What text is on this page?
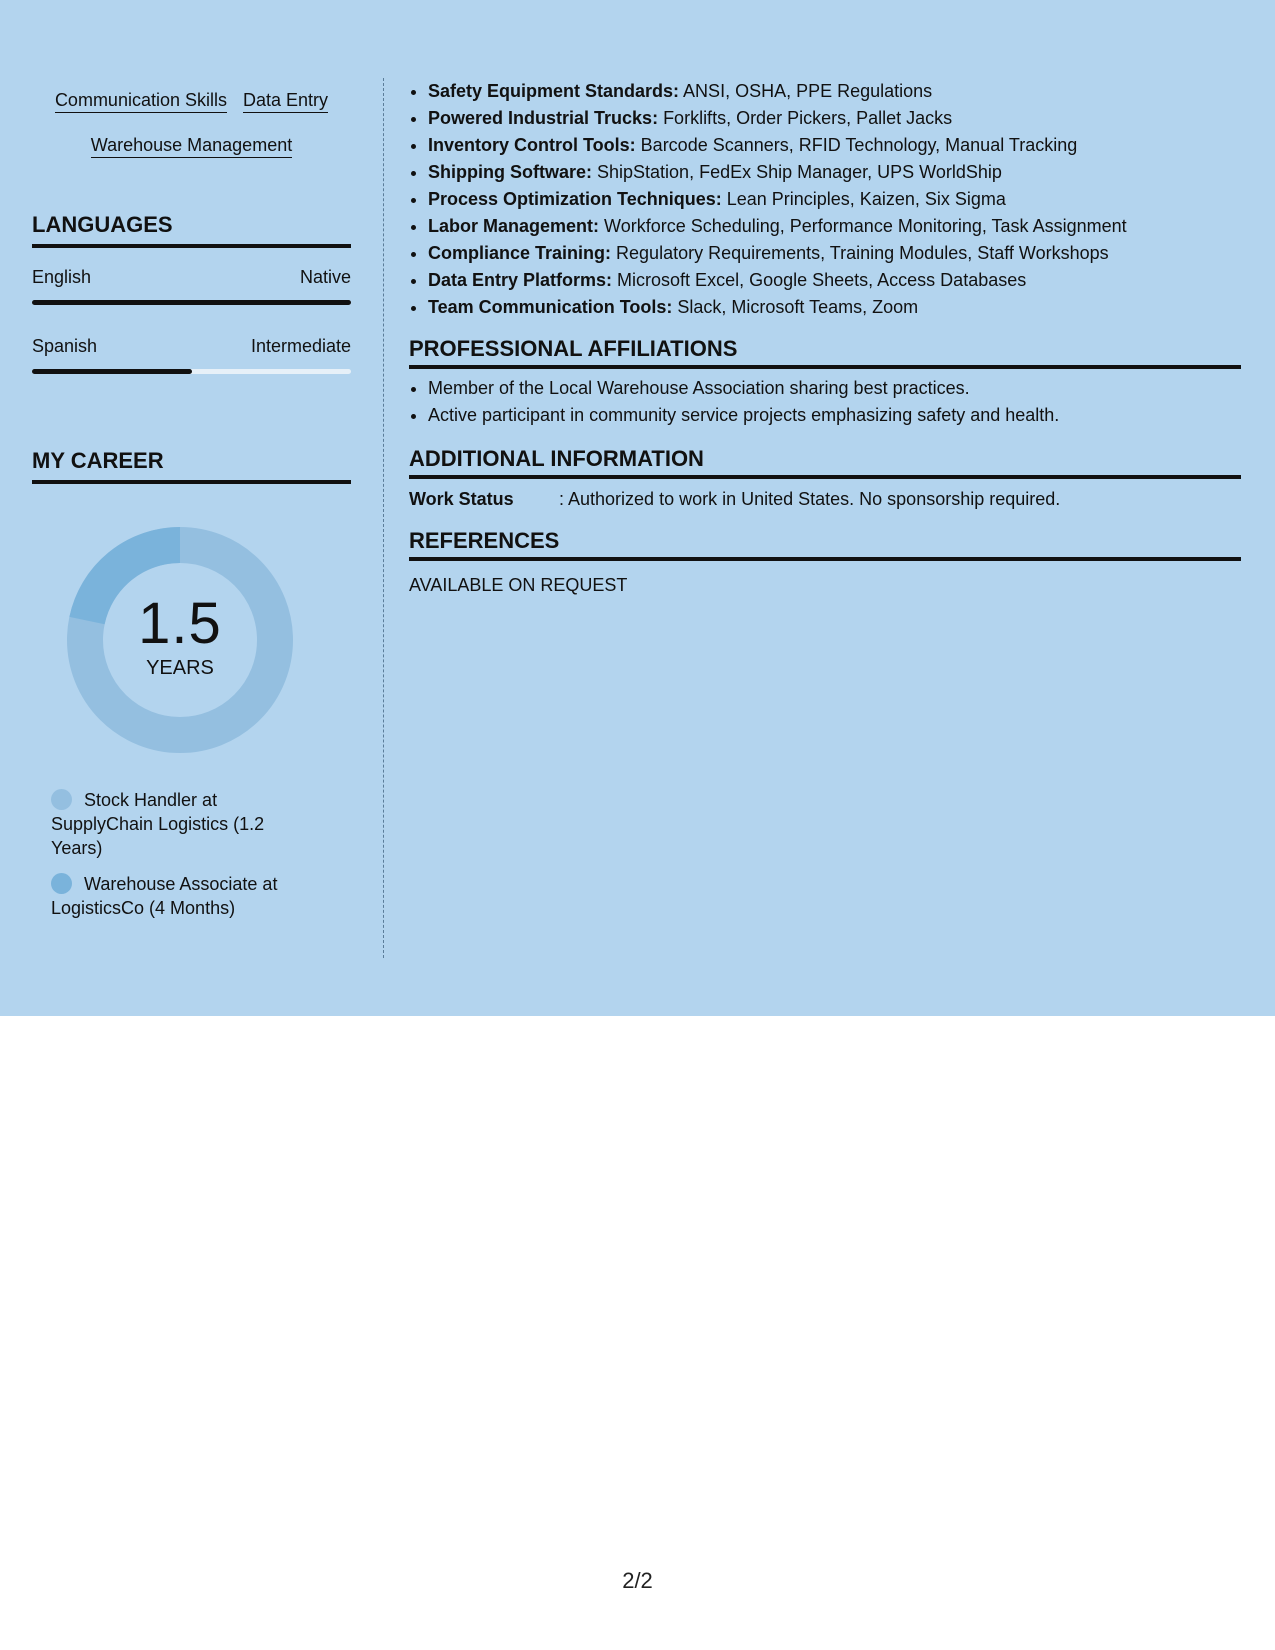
Communication Skills Data Entry
Warehouse Management
LANGUAGES
English	Native
Spanish	Intermediate
MY CAREER
1.5
YEARS
Stock Handler at SupplyChain Logistics (1.2 Years)
Warehouse Associate at LogisticsCo (4 Months)
• Safety Equipment Standards: ANSI, OSHA, PPE Regulations
• Powered Industrial Trucks: Forklifts, Order Pickers, Pallet Jacks
• Inventory Control Tools: Barcode Scanners, RFID Technology, Manual Tracking
• Shipping Software: ShipStation, FedEx Ship Manager, UPS WorldShip
• Process Optimization Techniques: Lean Principles, Kaizen, Six Sigma
• Labor Management: Workforce Scheduling, Performance Monitoring, Task Assignment
• Compliance Training: Regulatory Requirements, Training Modules, Staff Workshops
• Data Entry Platforms: Microsoft Excel, Google Sheets, Access Databases
• Team Communication Tools: Slack, Microsoft Teams, Zoom
PROFESSIONAL AFFILIATIONS
• Member of the Local Warehouse Association sharing best practices.
• Active participant in community service projects emphasizing safety and health.
ADDITIONAL INFORMATION
Work Status	: Authorized to work in United States. No sponsorship required.
REFERENCES
AVAILABLE ON REQUEST
2/2
